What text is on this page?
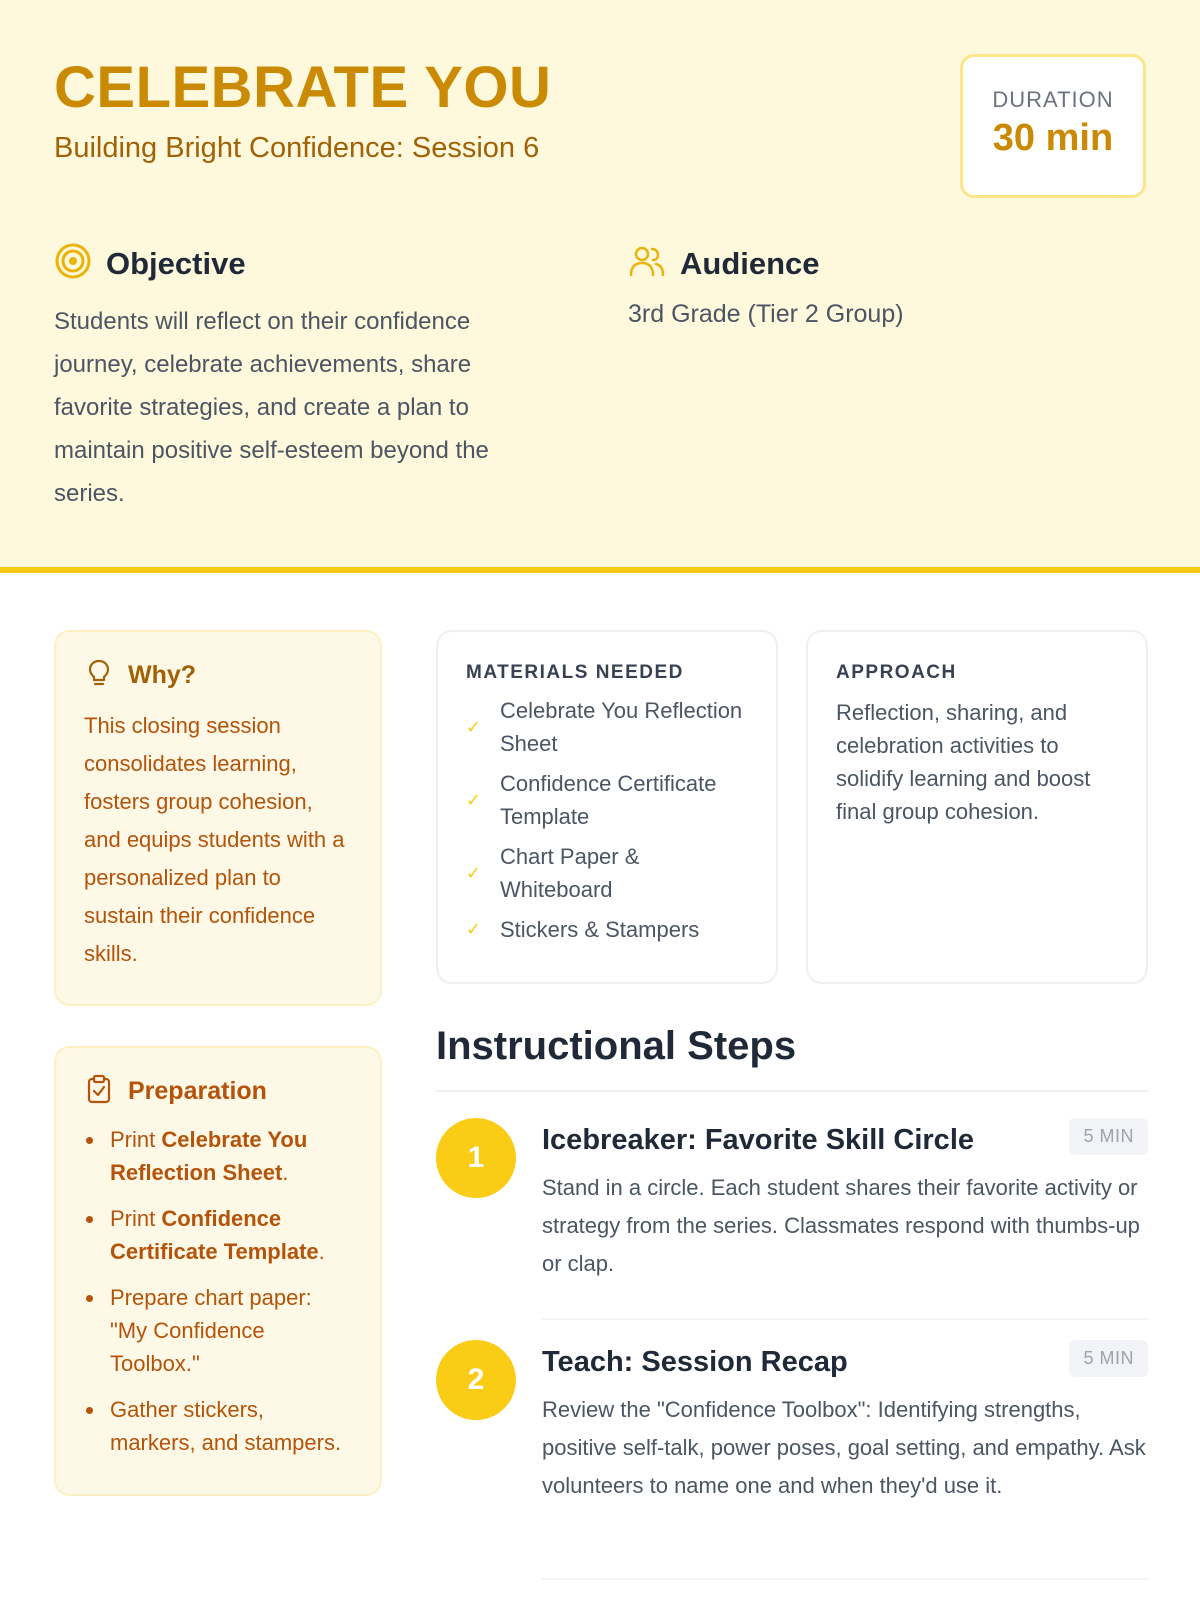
CELEBRATE YOU
Building Bright Confidence: Session 6
DURATION
30 min
Objective
Students will reflect on their confidence journey, celebrate achievements, share favorite strategies, and create a plan to maintain positive self-esteem beyond the series.
Audience
3rd Grade (Tier 2 Group)
Why?
This closing session consolidates learning, fosters group cohesion, and equips students with a personalized plan to sustain their confidence skills.
Preparation
Print Celebrate You Reflection Sheet.
Print Confidence Certificate Template.
Prepare chart paper: "My Confidence Toolbox."
Gather stickers, markers, and stampers.
MATERIALS NEEDED
✓
Celebrate You Reflection Sheet
✓
Confidence Certificate Template
✓
Chart Paper & Whiteboard
✓ Stickers & Stampers
APPROACH
Reflection, sharing, and celebration activities to solidify learning and boost final group cohesion.
Instructional Steps
1
Icebreaker: Favorite Skill Circle	5 MIN
Stand in a circle. Each student shares their favorite activity or strategy from the series. Classmates respond with thumbs-up or clap.
2
Teach: Session Recap	5 MIN
Review the "Confidence Toolbox": Identifying strengths, positive self-talk, power poses, goal setting, and empathy. Ask volunteers to name one and when they'd use it.
